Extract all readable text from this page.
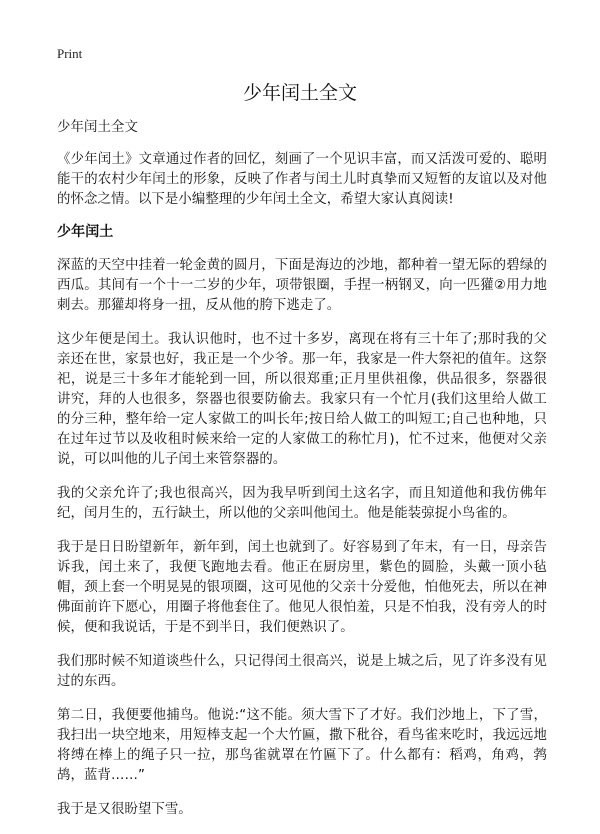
Print
少年闰土全文

少年闰土全文

《少年闰土》文章通过作者的回忆，刻画了一个见识丰富，而又活泼可爱的、聪明能干的农村少年闰土的形象，反映了作者与闰土儿时真挚而又短暂的友谊以及对他的怀念之情。以下是小编整理的少年闰土全文，希望大家认真阅读!

少年闰土

深蓝的天空中挂着一轮金黄的圆月，下面是海边的沙地，都种着一望无际的碧绿的西瓜。其间有一个十一二岁的少年，项带银圈，手捏一柄钢叉，向一匹獾②用力地刺去。那獾却将身一扭，反从他的胯下逃走了。

这少年便是闰土。我认识他时，也不过十多岁，离现在将有三十年了;那时我的父亲还在世，家景也好，我正是一个少爷。那一年，我家是一件大祭祀的值年。这祭祀，说是三十多年才能轮到一回，所以很郑重;正月里供祖像，供品很多，祭器很讲究，拜的人也很多，祭器也很要防偷去。我家只有一个忙月(我们这里给人做工的分三种，整年给一定人家做工的叫长年;按日给人做工的叫短工;自己也种地，只在过年过节以及收租时候来给一定的人家做工的称忙月)，忙不过来，他便对父亲说，可以叫他的儿子闰土来管祭器的。

我的父亲允许了;我也很高兴，因为我早听到闰土这名字，而且知道他和我仿佛年纪，闰月生的，五行缺土，所以他的父亲叫他闰土。他是能装弶捉小鸟雀的。

我于是日日盼望新年，新年到，闰土也就到了。好容易到了年末，有一日，母亲告诉我，闰土来了，我便飞跑地去看。他正在厨房里，紫色的圆脸，头戴一顶小毡帽，颈上套一个明晃晃的银项圈，这可见他的父亲十分爱他，怕他死去，所以在神佛面前许下愿心，用圈子将他套住了。他见人很怕羞，只是不怕我，没有旁人的时候，便和我说话，于是不到半日，我们便熟识了。

我们那时候不知道谈些什么，只记得闰土很高兴，说是上城之后，见了许多没有见过的东西。

第二日，我便要他捕鸟。他说:“这不能。须大雪下了才好。我们沙地上，下了雪，我扫出一块空地来，用短棒支起一个大竹匾，撒下秕谷，看鸟雀来吃时，我远远地将缚在棒上的绳子只一拉，那鸟雀就罩在竹匾下了。什么都有：稻鸡，角鸡，鹁鸪，蓝背……”

我于是又很盼望下雪。
